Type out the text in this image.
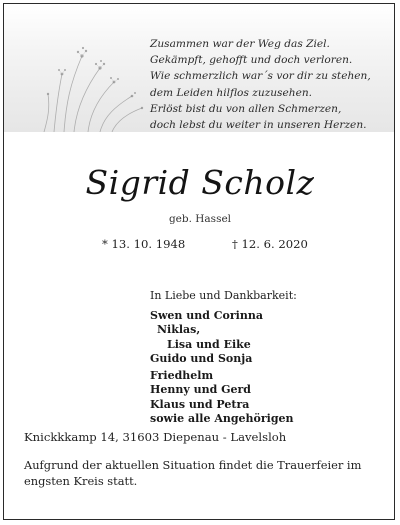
Zusammen war der Weg das Ziel.
Gekämpft, gehofft und doch verloren.
Wie schmerzlich war´s vor dir zu stehen,
dem Leiden hilflos zuzusehen.
Erlöst bist du von allen Schmerzen,
doch lebst du weiter in unseren Herzen.
Sigrid Scholz
geb. Hassel
* 13. 10. 1948	† 12. 6. 2020
In Liebe und Dankbarkeit:
Swen und Corinna
Niklas,
Lisa und Eike
Guido und Sonja
Friedhelm
Henny und Gerd
Klaus und Petra
sowie alle Angehörigen
Knickkkamp 14, 31603 Diepenau - Lavelsloh
Aufgrund der aktuellen Situation findet die Trauerfeier im engsten Kreis statt.
